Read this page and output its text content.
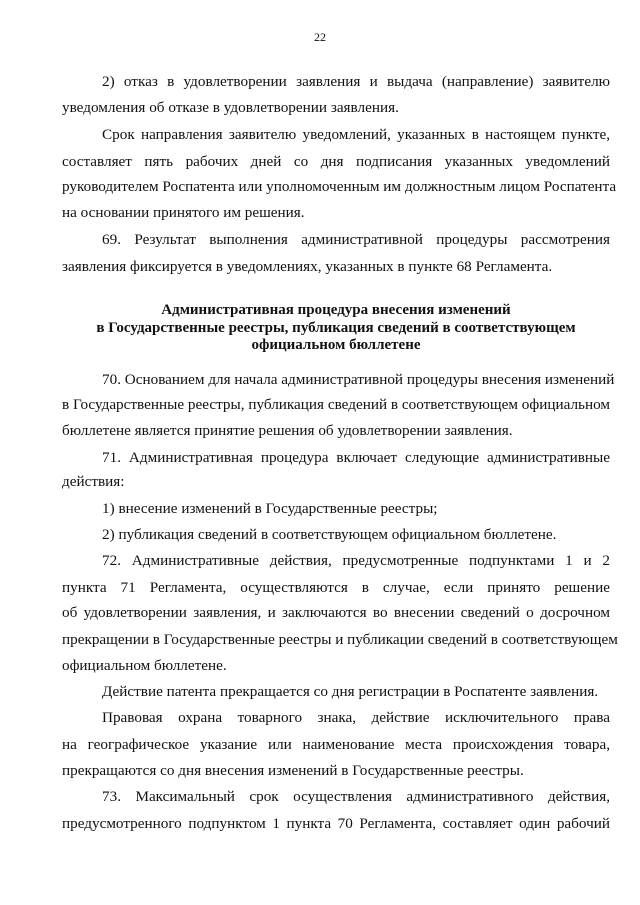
22
2) отказ в удовлетворении заявления и выдача (направление) заявителю
уведомления об отказе в удовлетворении заявления.
Срок направления заявителю уведомлений, указанных в настоящем пункте,
составляет пять рабочих дней со дня подписания указанных уведомлений
руководителем Роспатента или уполномоченным им должностным лицом Роспатента
на основании принятого им решения.
69. Результат выполнения административной процедуры рассмотрения
заявления фиксируется в уведомлениях, указанных в пункте 68 Регламента.
Административная процедура внесения изменений
в Государственные реестры, публикация сведений в соответствующем
официальном бюллетене
70. Основанием для начала административной процедуры внесения изменений
в Государственные реестры, публикация сведений в соответствующем официальном
бюллетене является принятие решения об удовлетворении заявления.
71. Административная процедура включает следующие административные
действия:
1) внесение изменений в Государственные реестры;
2) публикация сведений в соответствующем официальном бюллетене.
72. Административные действия, предусмотренные подпунктами 1 и 2
пункта 71 Регламента, осуществляются в случае, если принято решение
об удовлетворении заявления, и заключаются во внесении сведений о досрочном
прекращении в Государственные реестры и публикации сведений в соответствующем
официальном бюллетене.
Действие патента прекращается со дня регистрации в Роспатенте заявления.
Правовая охрана товарного знака, действие исключительного права
на географическое указание или наименование места происхождения товара,
прекращаются со дня внесения изменений в Государственные реестры.
73. Максимальный срок осуществления административного действия,
предусмотренного подпунктом 1 пункта 70 Регламента, составляет один рабочий
